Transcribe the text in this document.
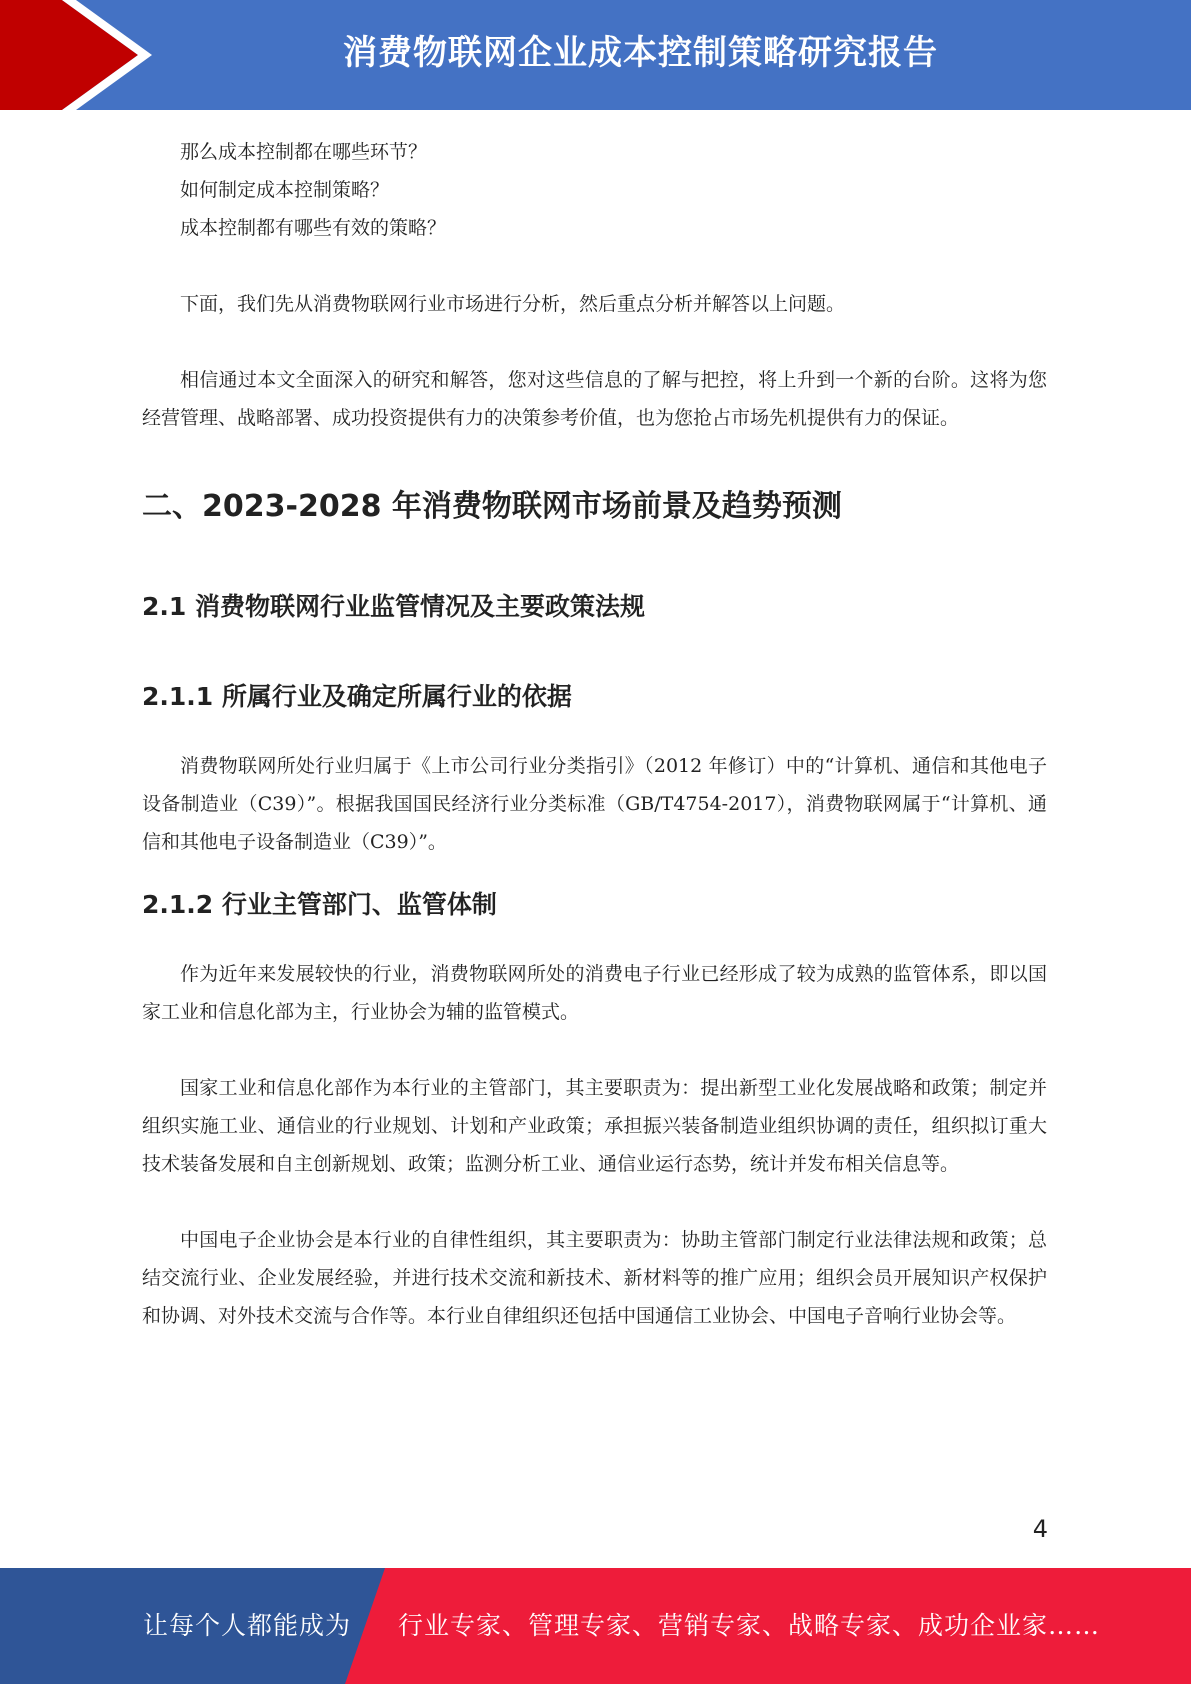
消费物联网企业成本控制策略研究报告

那么成本控制都在哪些环节？

如何制定成本控制策略？

成本控制都有哪些有效的策略？

下面，我们先从消费物联网行业市场进行分析，然后重点分析并解答以上问题。

相信通过本文全面深入的研究和解答，您对这些信息的了解与把控，将上升到一个新的台阶。这将为您经营管理、战略部署、成功投资提供有力的决策参考价值，也为您抢占市场先机提供有力的保证。

二、2023-2028 年消费物联网市场前景及趋势预测
2.1 消费物联网行业监管情况及主要政策法规
2.1.1 所属行业及确定所属行业的依据

消费物联网所处行业归属于《上市公司行业分类指引》（2012 年修订）中的“计算机、通信和其他电子设备制造业（C39）”。根据我国国民经济行业分类标准（GB/T4754-2017），消费物联网属于“计算机、通信和其他电子设备制造业（C39）”。

2.1.2 行业主管部门、监管体制

作为近年来发展较快的行业，消费物联网所处的消费电子行业已经形成了较为成熟的监管体系，即以国家工业和信息化部为主，行业协会为辅的监管模式。

国家工业和信息化部作为本行业的主管部门，其主要职责为：提出新型工业化发展战略和政策；制定并组织实施工业、通信业的行业规划、计划和产业政策；承担振兴装备制造业组织协调的责任，组织拟订重大技术装备发展和自主创新规划、政策；监测分析工业、通信业运行态势，统计并发布相关信息等。

中国电子企业协会是本行业的自律性组织，其主要职责为：协助主管部门制定行业法律法规和政策；总结交流行业、企业发展经验，并进行技术交流和新技术、新材料等的推广应用；组织会员开展知识产权保护和协调、对外技术交流与合作等。本行业自律组织还包括中国通信工业协会、中国电子音响行业协会等。

4
让每个人都能成为 行业专家、管理专家、营销专家、战略专家、成功企业家……
